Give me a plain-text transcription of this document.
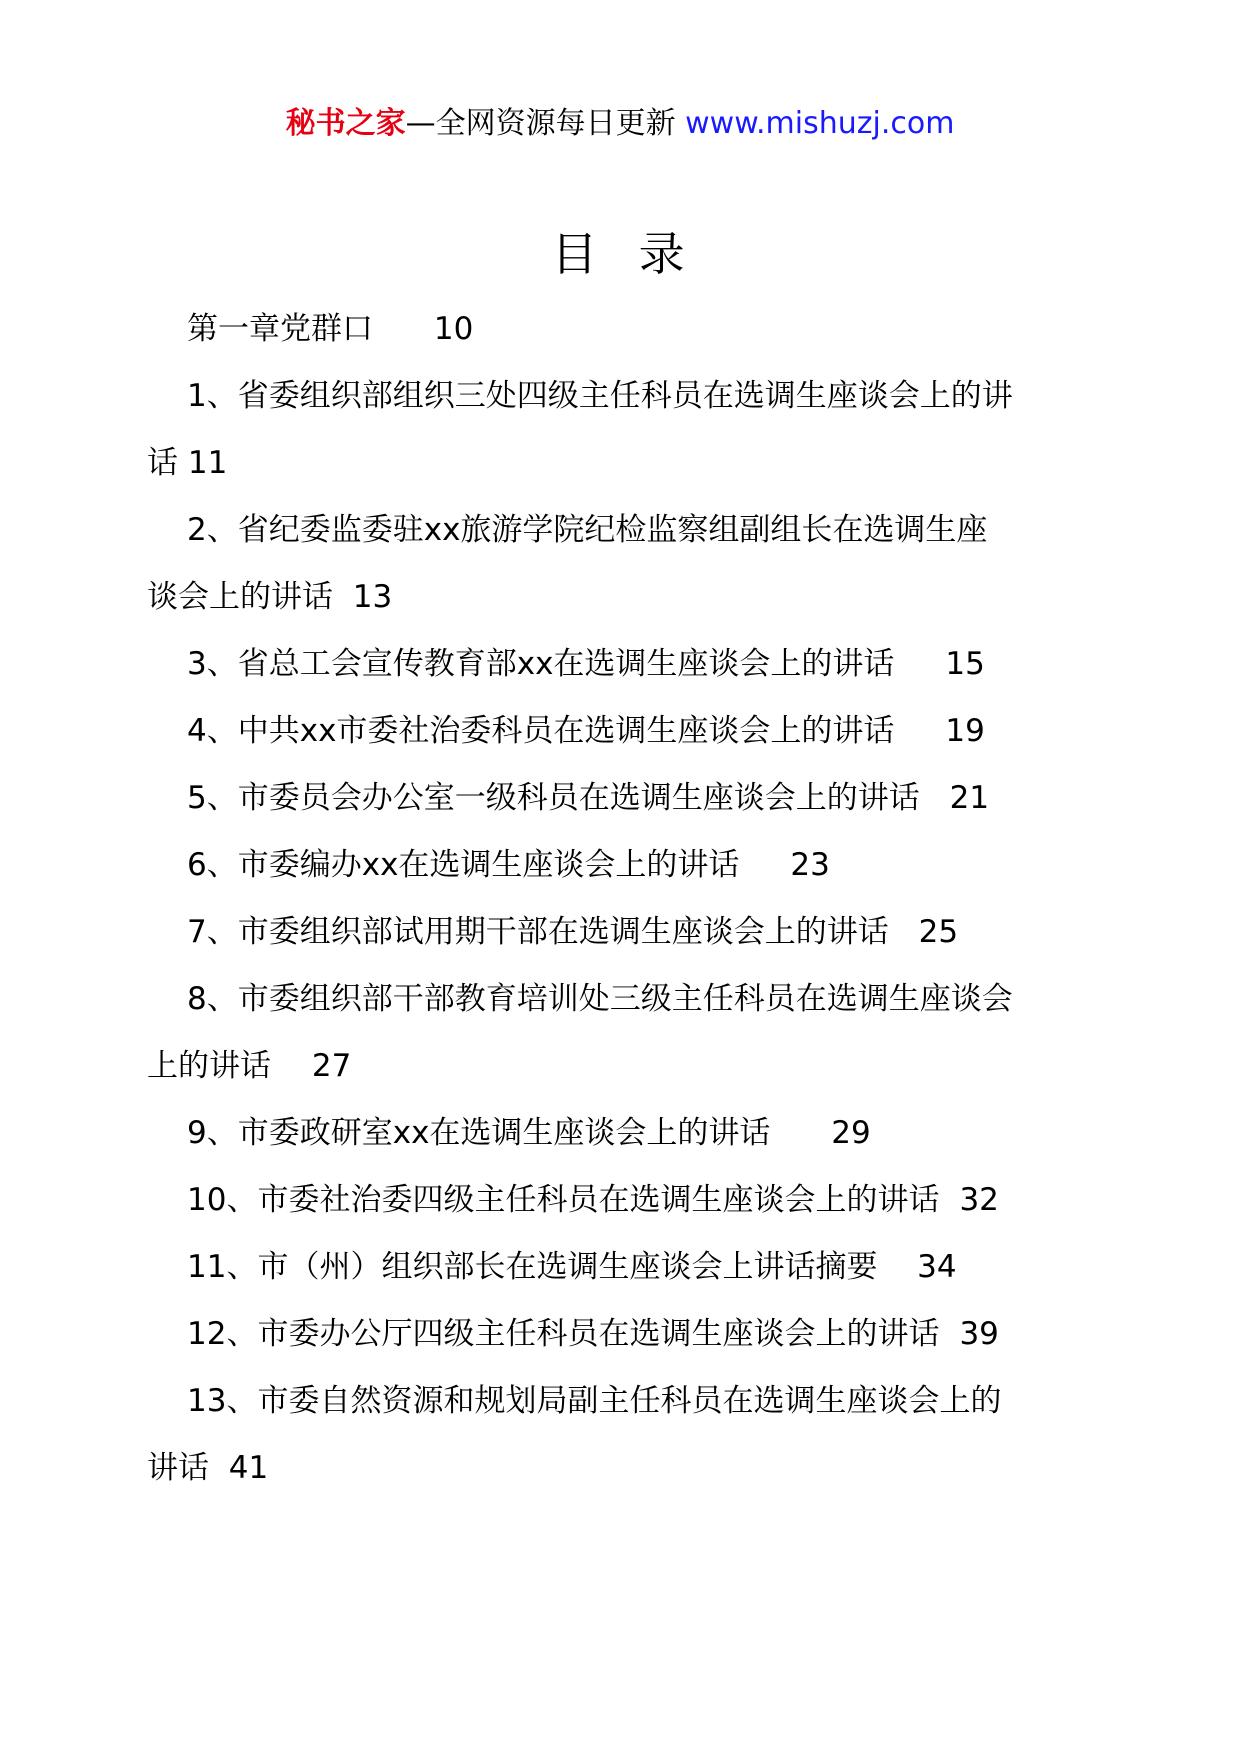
秘书之家—全网资源每日更新 www.mishuzj.com
目  录
第一章党群口  10
1、省委组织部组织三处四级主任科员在选调生座谈会上的讲
话 11
2、省纪委监委驻xx旅游学院纪检监察组副组长在选调生座
谈会上的讲话 13
3、省总工会宣传教育部xx在选调生座谈会上的讲话  15
4、中共xx市委社治委科员在选调生座谈会上的讲话  19
5、市委员会办公室一级科员在选调生座谈会上的讲话 21
6、市委编办xx在选调生座谈会上的讲话  23
7、市委组织部试用期干部在选调生座谈会上的讲话 25
8、市委组织部干部教育培训处三级主任科员在选调生座谈会
上的讲话  27
9、市委政研室xx在选调生座谈会上的讲话  29
10、市委社治委四级主任科员在选调生座谈会上的讲话 32
11、市（州）组织部长在选调生座谈会上讲话摘要 34
12、市委办公厅四级主任科员在选调生座谈会上的讲话 39
13、市委自然资源和规划局副主任科员在选调生座谈会上的
讲话 41
